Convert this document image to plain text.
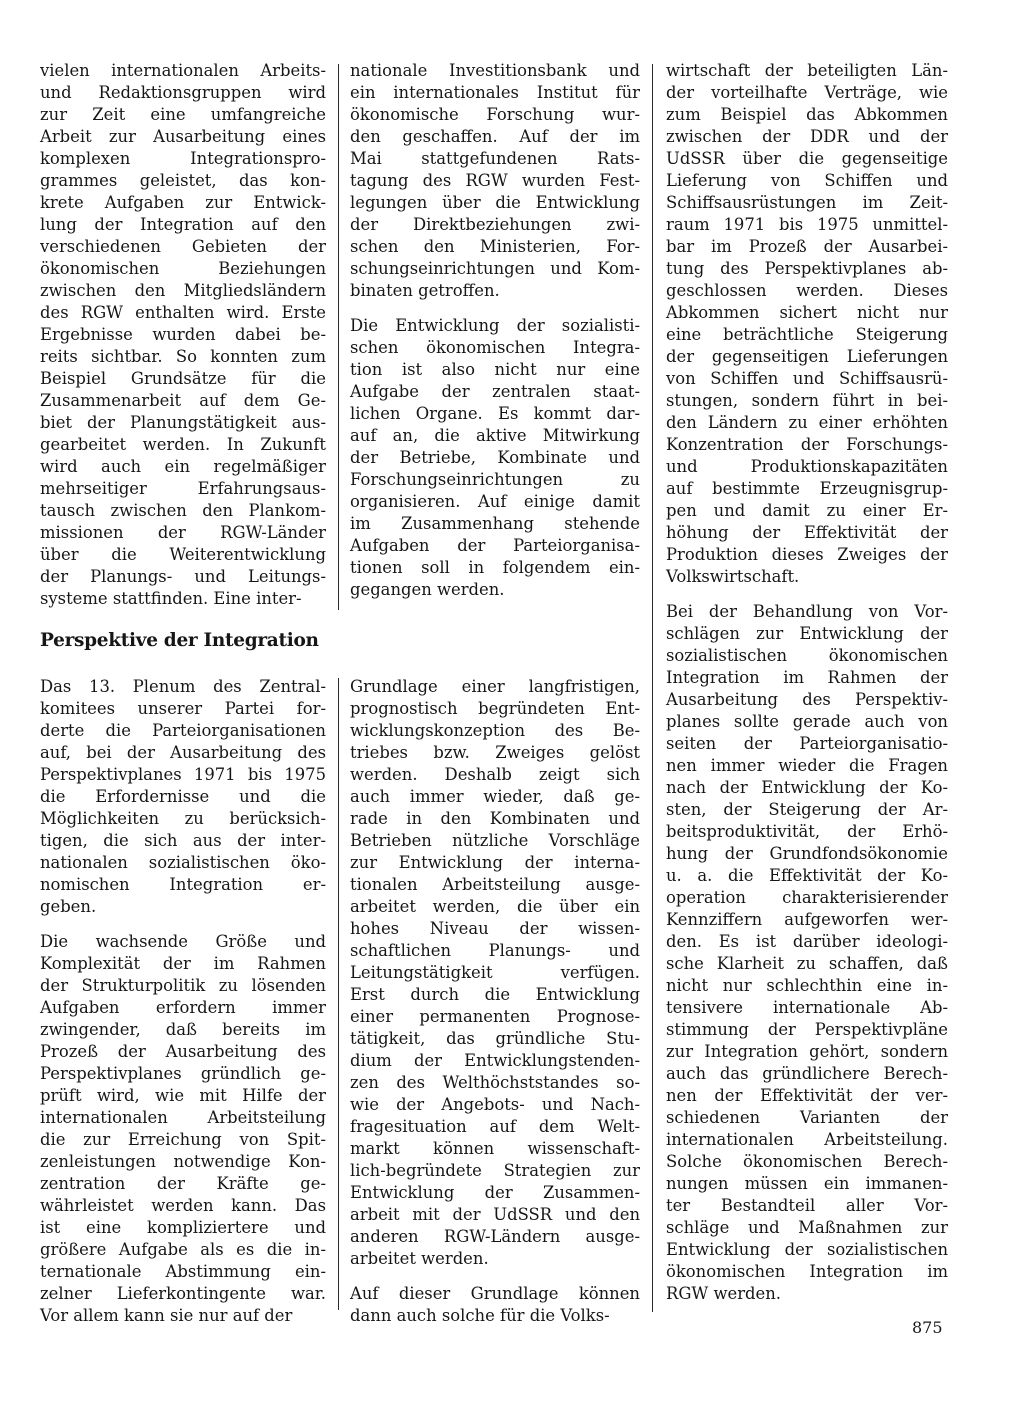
vielen internationalen Arbeits-
und Redaktionsgruppen wird
zur Zeit eine umfangreiche
Arbeit zur Ausarbeitung eines
komplexen Integrationspro-
grammes geleistet, das kon-
krete Aufgaben zur Entwick-
lung der Integration auf den
verschiedenen Gebieten der
ökonomischen Beziehungen
zwischen den Mitgliedsländern
des RGW enthalten wird. Erste
Ergebnisse wurden dabei be-
reits sichtbar. So konnten zum
Beispiel Grundsätze für die
Zusammenarbeit auf dem Ge-
biet der Planungstätigkeit aus-
gearbeitet werden. In Zukunft
wird auch ein regelmäßiger
mehrseitiger Erfahrungsaus-
tausch zwischen den Plankom-
missionen der RGW-Länder
über die Weiterentwicklung
der Planungs- und Leitungs-
systeme stattfinden. Eine inter-
nationale Investitionsbank und
ein internationales Institut für
ökonomische Forschung wur-
den geschaffen. Auf der im
Mai stattgefundenen Rats-
tagung des RGW wurden Fest-
legungen über die Entwicklung
der Direktbeziehungen zwi-
schen den Ministerien, For-
schungseinrichtungen und Kom-
binaten getroffen.
Die Entwicklung der sozialisti-
schen ökonomischen Integra-
tion ist also nicht nur eine
Aufgabe der zentralen staat-
lichen Organe. Es kommt dar-
auf an, die aktive Mitwirkung
der Betriebe, Kombinate und
Forschungseinrichtungen zu
organisieren. Auf einige damit
im Zusammenhang stehende
Aufgaben der Parteiorganisa-
tionen soll in folgendem ein-
gegangen werden.
wirtschaft der beteiligten Län-
der vorteilhafte Verträge, wie
zum Beispiel das Abkommen
zwischen der DDR und der
UdSSR über die gegenseitige
Lieferung von Schiffen und
Schiffsausrüstungen im Zeit-
raum 1971 bis 1975 unmittel-
bar im Prozeß der Ausarbei-
tung des Perspektivplanes ab-
geschlossen werden. Dieses
Abkommen sichert nicht nur
eine beträchtliche Steigerung
der gegenseitigen Lieferungen
von Schiffen und Schiffsausrü-
stungen, sondern führt in bei-
den Ländern zu einer erhöhten
Konzentration der Forschungs-
und Produktionskapazitäten
auf bestimmte Erzeugnisgrup-
pen und damit zu einer Er-
höhung der Effektivität der
Produktion dieses Zweiges der
Volkswirtschaft.
Bei der Behandlung von Vor-
schlägen zur Entwicklung der
sozialistischen ökonomischen
Integration im Rahmen der
Ausarbeitung des Perspektiv-
planes sollte gerade auch von
seiten der Parteiorganisatio-
nen immer wieder die Fragen
nach der Entwicklung der Ko-
sten, der Steigerung der Ar-
beitsproduktivität, der Erhö-
hung der Grundfondsökonomie
u. a. die Effektivität der Ko-
operation charakterisierender
Kennziffern aufgeworfen wer-
den. Es ist darüber ideologi-
sche Klarheit zu schaffen, daß
nicht nur schlechthin eine in-
tensivere internationale Ab-
stimmung der Perspektivpläne
zur Integration gehört, sondern
auch das gründlichere Berech-
nen der Effektivität der ver-
schiedenen Varianten der
internationalen Arbeitsteilung.
Solche ökonomischen Berech-
nungen müssen ein immanen-
ter Bestandteil aller Vor-
schläge und Maßnahmen zur
Entwicklung der sozialistischen
ökonomischen Integration im
RGW werden.
Perspektive der Integration
Das 13. Plenum des Zentral-
komitees unserer Partei for-
derte die Parteiorganisationen
auf, bei der Ausarbeitung des
Perspektivplanes 1971 bis 1975
die Erfordernisse und die
Möglichkeiten zu berücksich-
tigen, die sich aus der inter-
nationalen sozialistischen öko-
nomischen Integration er-
geben.
Die wachsende Größe und
Komplexität der im Rahmen
der Strukturpolitik zu lösenden
Aufgaben erfordern immer
zwingender, daß bereits im
Prozeß der Ausarbeitung des
Perspektivplanes gründlich ge-
prüft wird, wie mit Hilfe der
internationalen Arbeitsteilung
die zur Erreichung von Spit-
zenleistungen notwendige Kon-
zentration der Kräfte ge-
währleistet werden kann. Das
ist eine kompliziertere und
größere Aufgabe als es die in-
ternationale Abstimmung ein-
zelner Lieferkontingente war.
Vor allem kann sie nur auf der
Grundlage einer langfristigen,
prognostisch begründeten Ent-
wicklungskonzeption des Be-
triebes bzw. Zweiges gelöst
werden. Deshalb zeigt sich
auch immer wieder, daß ge-
rade in den Kombinaten und
Betrieben nützliche Vorschläge
zur Entwicklung der interna-
tionalen Arbeitsteilung ausge-
arbeitet werden, die über ein
hohes Niveau der wissen-
schaftlichen Planungs- und
Leitungstätigkeit verfügen.
Erst durch die Entwicklung
einer permanenten Prognose-
tätigkeit, das gründliche Stu-
dium der Entwicklungstenden-
zen des Welthöchststandes so-
wie der Angebots- und Nach-
fragesituation auf dem Welt-
markt können wissenschaft-
lich-begründete Strategien zur
Entwicklung der Zusammen-
arbeit mit der UdSSR und den
anderen RGW-Ländern ausge-
arbeitet werden.
Auf dieser Grundlage können
dann auch solche für die Volks-
875
